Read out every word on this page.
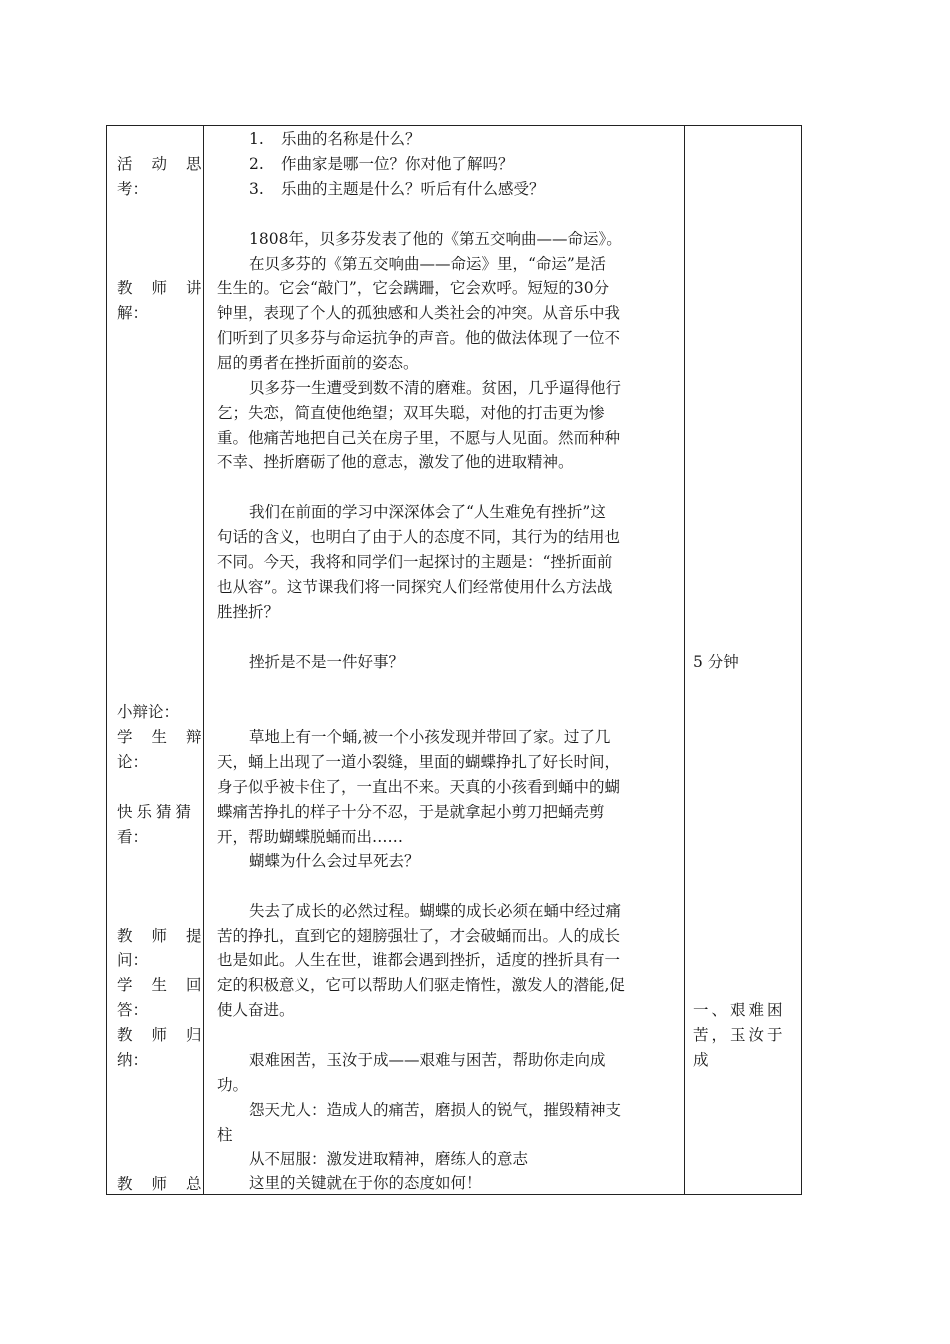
活动思
考：
教师讲
解：
小辩论：
学生辩
论：
快乐猜猜
看：
教师提
问：
学生回
答：
教师归
纳：
教师总
1. 乐曲的名称是什么？
2. 作曲家是哪一位？你对他了解吗？
3. 乐曲的主题是什么？听后有什么感受？
1808年，贝多芬发表了他的《第五交响曲——命运》。
在贝多芬的《第五交响曲——命运》里，“命运”是活
生生的。它会“敲门”，它会蹒跚，它会欢呼。短短的30分
钟里，表现了个人的孤独感和人类社会的冲突。从音乐中我
们听到了贝多芬与命运抗争的声音。他的做法体现了一位不
屈的勇者在挫折面前的姿态。
贝多芬一生遭受到数不清的磨难。贫困，几乎逼得他行
乞；失恋，简直使他绝望；双耳失聪，对他的打击更为惨
重。他痛苦地把自己关在房子里，不愿与人见面。然而种种
不幸、挫折磨砺了他的意志，激发了他的进取精神。
我们在前面的学习中深深体会了“人生难免有挫折”这
句话的含义，也明白了由于人的态度不同，其行为的结用也
不同。今天，我将和同学们一起探讨的主题是：“挫折面前
也从容”。这节课我们将一同探究人们经常使用什么方法战
胜挫折？
挫折是不是一件好事？
草地上有一个蛹,被一个小孩发现并带回了家。过了几
天，蛹上出现了一道小裂缝，里面的蝴蝶挣扎了好长时间，
身子似乎被卡住了，一直出不来。天真的小孩看到蛹中的蝴
蝶痛苦挣扎的样子十分不忍，于是就拿起小剪刀把蛹壳剪
开，帮助蝴蝶脱蛹而出……
蝴蝶为什么会过早死去？
失去了成长的必然过程。蝴蝶的成长必须在蛹中经过痛
苦的挣扎，直到它的翅膀强壮了，才会破蛹而出。人的成长
也是如此。人生在世，谁都会遇到挫折，适度的挫折具有一
定的积极意义，它可以帮助人们驱走惰性，激发人的潜能,促
使人奋进。
艰难困苦，玉汝于成——艰难与困苦，帮助你走向成
功。
怨天尤人：造成人的痛苦，磨损人的锐气，摧毁精神支
柱
从不屈服：激发进取精神，磨练人的意志
这里的关键就在于你的态度如何！
5 分钟
一、艰难困
苦，玉汝于
成
